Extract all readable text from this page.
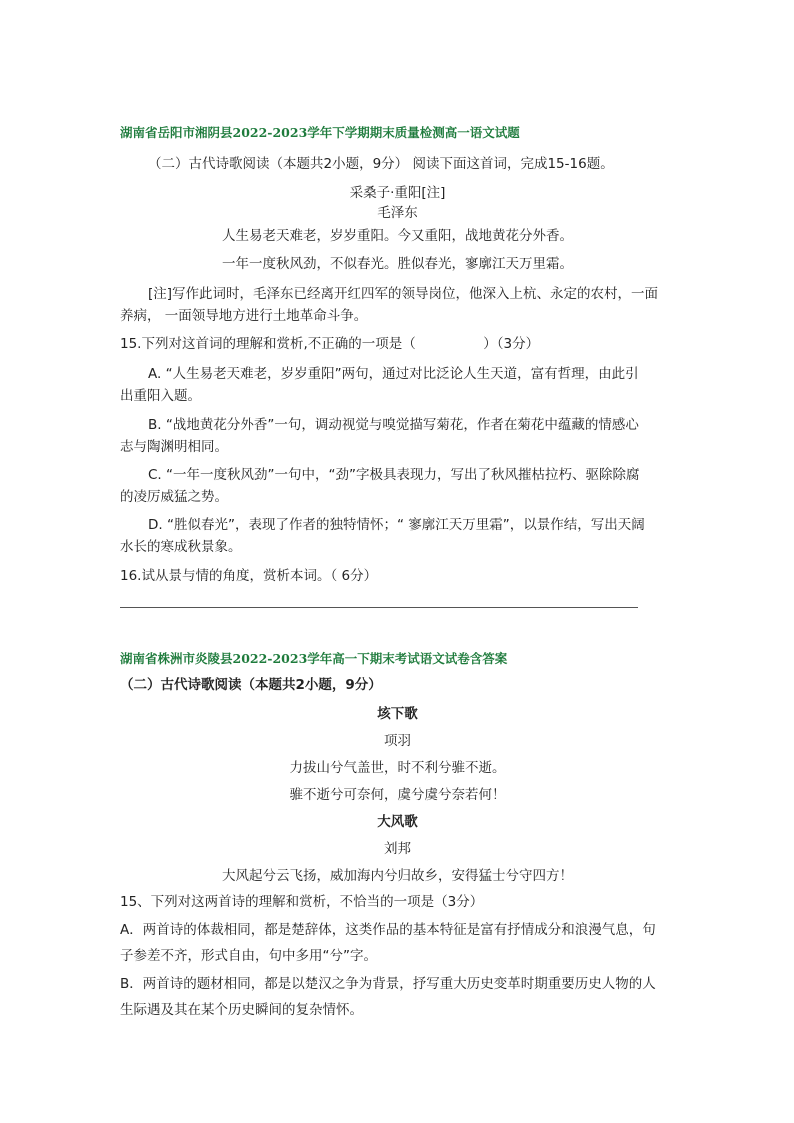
湖南省岳阳市湘阴县2022-2023学年下学期期末质量检测高一语文试题
（二）古代诗歌阅读（本题共2小题，9分） 阅读下面这首词，完成15-16题。
采桑子·重阳[注]
毛泽东
人生易老天难老，岁岁重阳。今又重阳，战地黄花分外香。
一年一度秋风劲，不似春光。胜似春光，寥廓江天万里霜。
[注]写作此词时，毛泽东已经离开红四军的领导岗位，他深入上杭、永定的农村，一面
养病， 一面领导地方进行土地革命斗争。
15.下列对这首词的理解和赏析,不正确的一项是（　　　　　）（3分）
A. “人生易老天难老，岁岁重阳”两句，通过对比泛论人生天道，富有哲理，由此引
出重阳入题。
B. “战地黄花分外香”一句，调动视觉与嗅觉描写菊花，作者在菊花中蕴藏的情感心
志与陶渊明相同。
C. “一年一度秋风劲”一句中，“劲”字极具表现力，写出了秋风摧枯拉朽、驱除除腐
的凌厉威猛之势。
D. “胜似春光”，表现了作者的独特情怀；“ 寥廓江天万里霜”，以景作结，写出天阔
水长的寒成秋景象。
16.试从景与情的角度，赏析本词。（ 6分）
湖南省株洲市炎陵县2022-2023学年高一下期末考试语文试卷含答案
（二）古代诗歌阅读（本题共2小题，9分）
垓下歌
项羽
力拔山兮气盖世，时不利兮骓不逝。
骓不逝兮可奈何，虞兮虞兮奈若何！
大风歌
刘邦
大风起兮云飞扬，威加海内兮归故乡，安得猛士兮守四方！
15、下列对这两首诗的理解和赏析，不恰当的一项是（3分）
A．两首诗的体裁相同，都是楚辞体，这类作品的基本特征是富有抒情成分和浪漫气息，句
子参差不齐，形式自由，句中多用“兮”字。
B．两首诗的题材相同，都是以楚汉之争为背景，抒写重大历史变革时期重要历史人物的人
生际遇及其在某个历史瞬间的复杂情怀。
